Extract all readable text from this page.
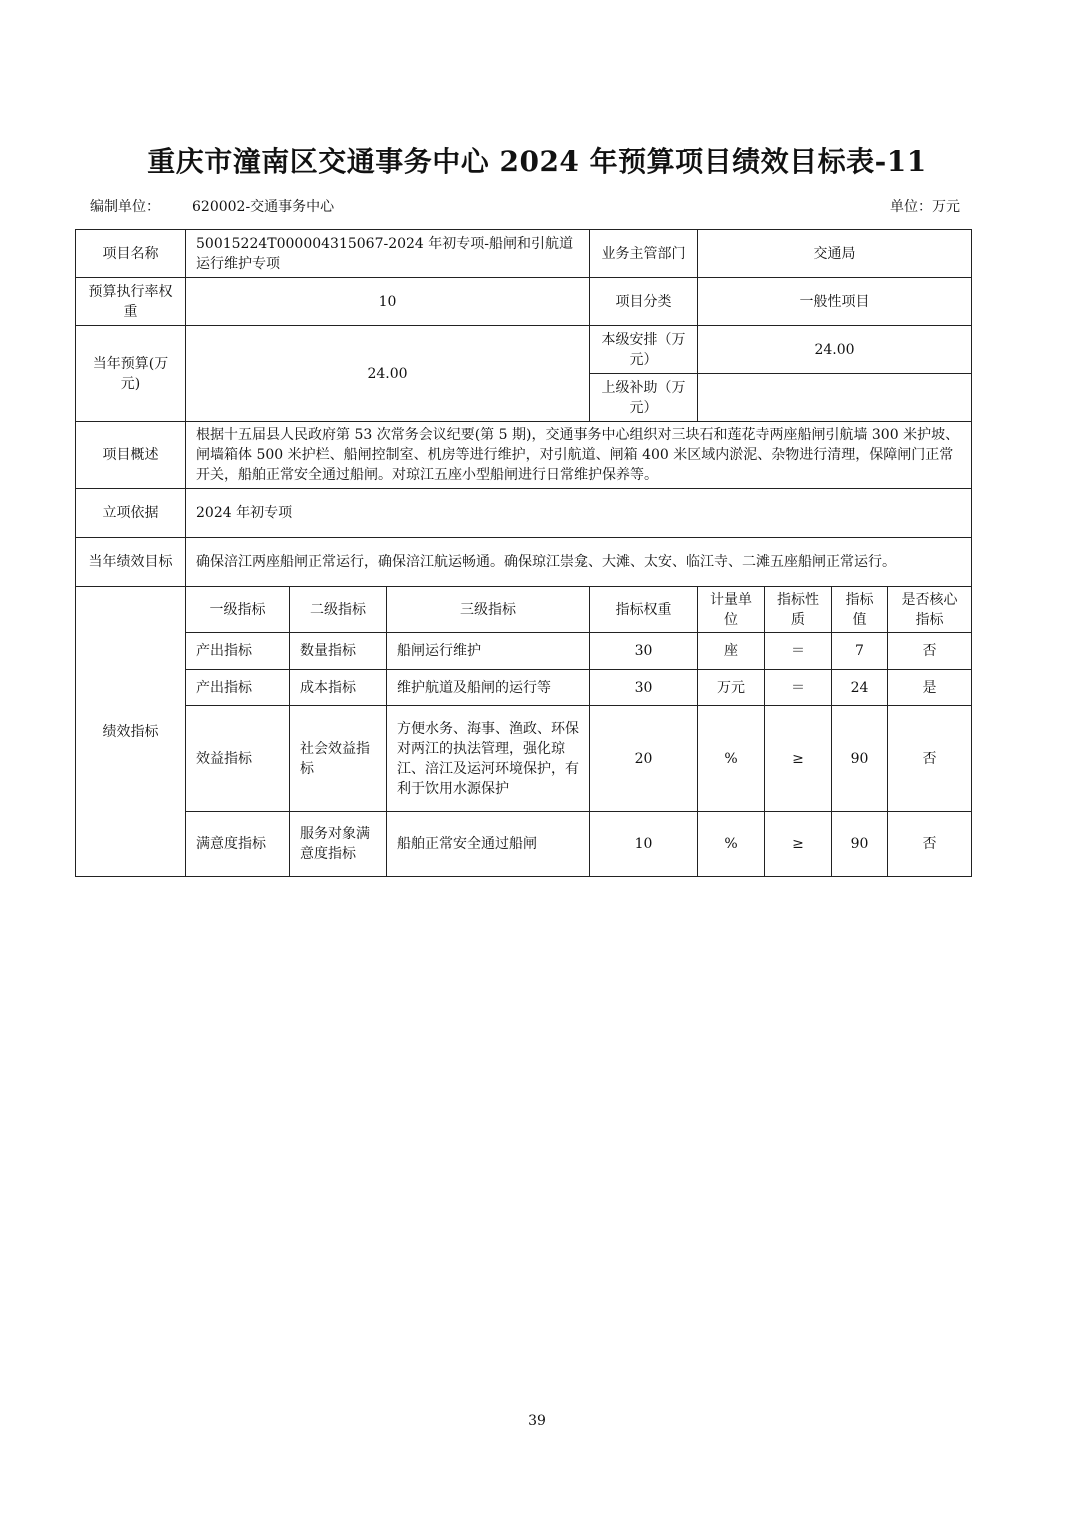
重庆市潼南区交通事务中心 2024 年预算项目绩效目标表-11
编制单位： 620002-交通事务中心	单位：万元
项目名称	50015224T000004315067-2024 年初专项-船闸和引航道运行维护专项			业务主管部门	交通局			
预算执行率权重	10			项目分类	一般性项目			
当年预算(万元)	24.00			本级安排（万元）	24.00			
				上级补助（万元）				
项目概述	根据十五届县人民政府第 53 次常务会议纪要(第 5 期)，交通事务中心组织对三块石和莲花寺两座船闸引航墙 300 米护坡、闸墙箱体 500 米护栏、船闸控制室、机房等进行维护，对引航道、闸箱 400 米区域内淤泥、杂物进行清理，保障闸门正常开关，船舶正常安全通过船闸。对琼江五座小型船闸进行日常维护保养等。							
立项依据	2024 年初专项							
当年绩效目标	确保涪江两座船闸正常运行，确保涪江航运畅通。确保琼江崇龛、大滩、太安、临江寺、二滩五座船闸正常运行。							
绩效指标	一级指标	二级指标	三级指标	指标权重	计量单位	指标性质	指标值	是否核心指标
	产出指标	数量指标	船闸运行维护	30	座	＝	7	否
	产出指标	成本指标	维护航道及船闸的运行等	30	万元	＝	24	是
	效益指标	社会效益指标	方便水务、海事、渔政、环保对两江的执法管理，强化琼江、涪江及运河环境保护，有利于饮用水源保护	20	%	≥	90	否
	满意度指标	服务对象满意度指标	船舶正常安全通过船闸	10	%	≥	90	否
39
